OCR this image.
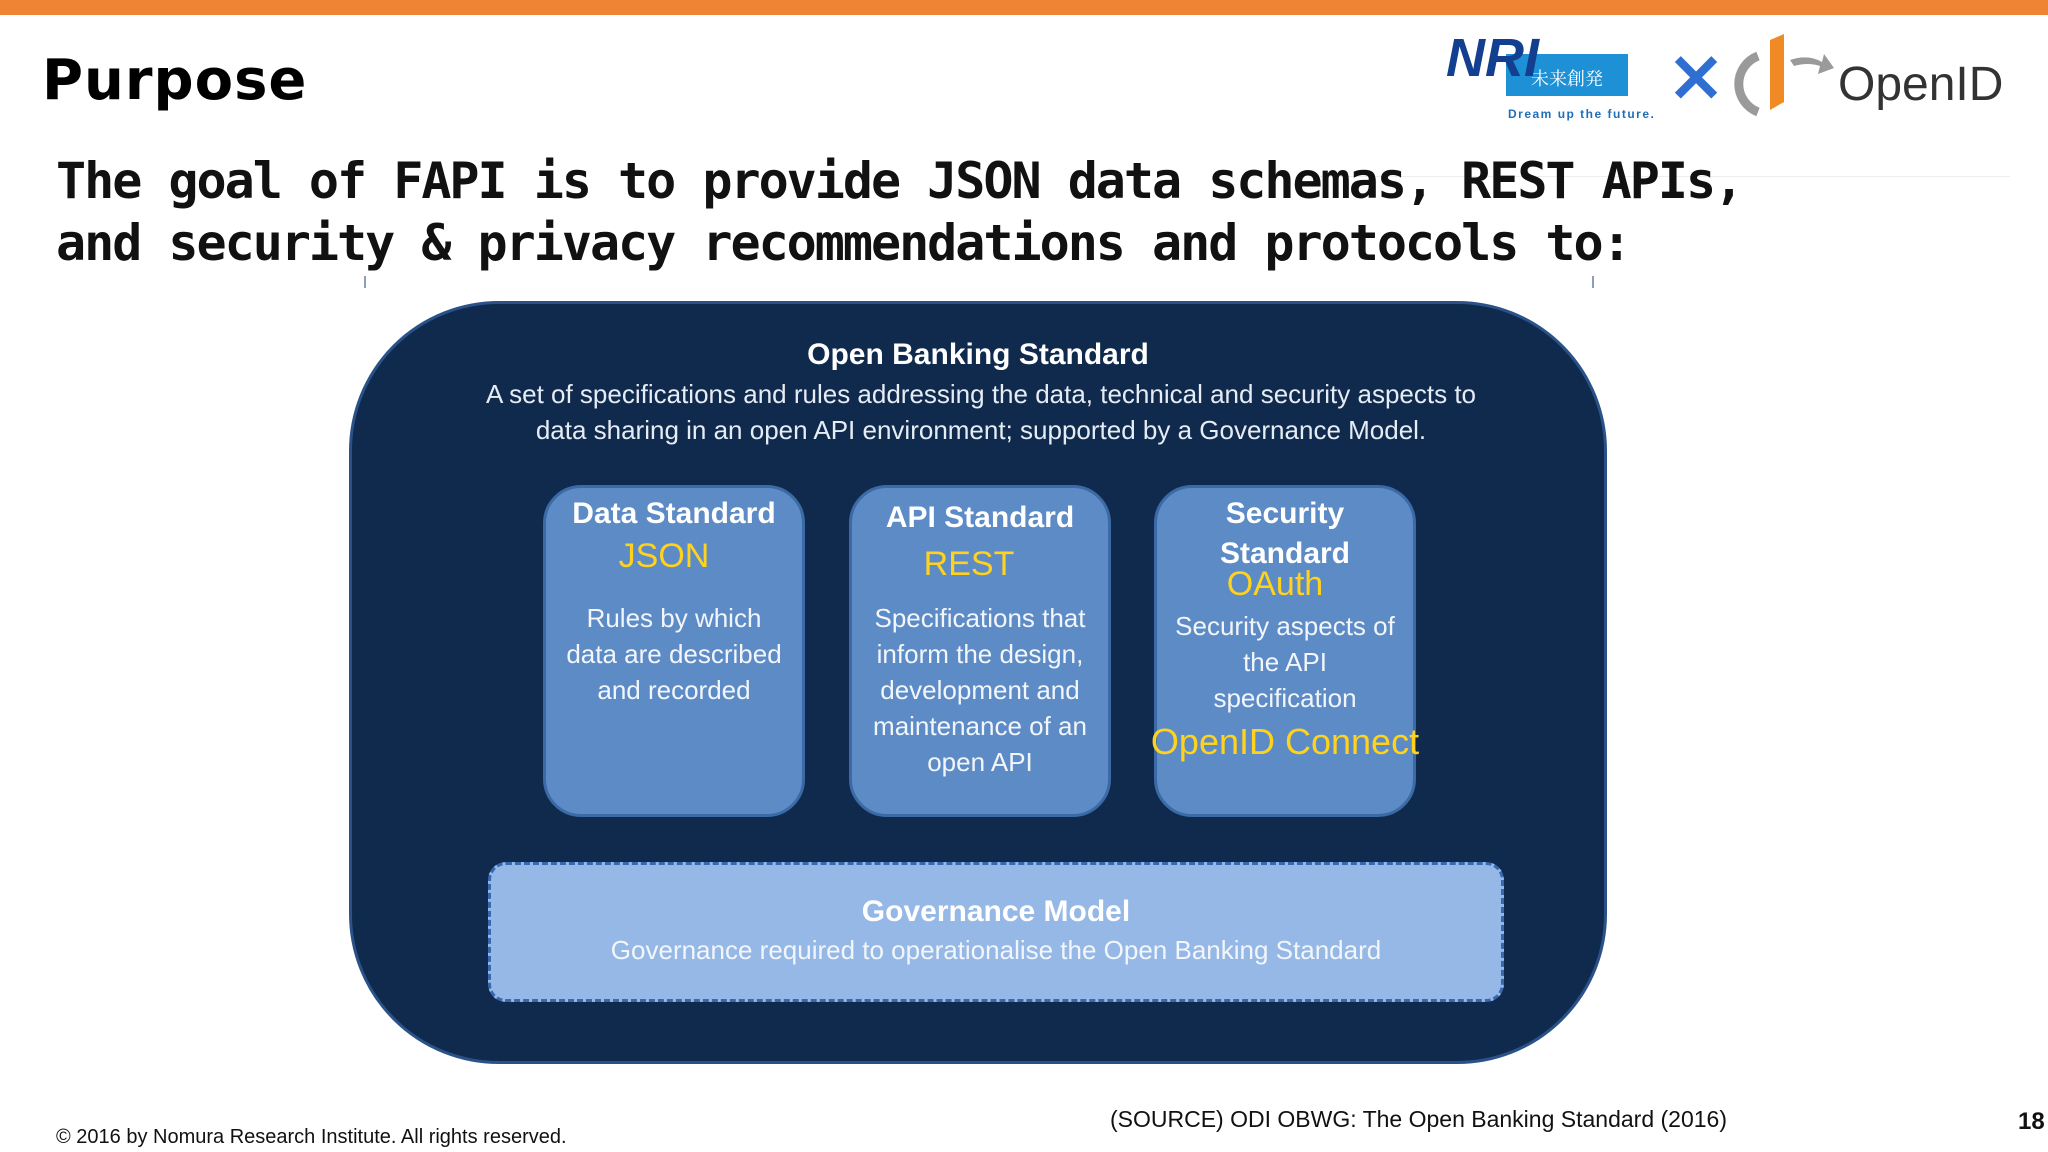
Purpose	NRI
未来創発
Dream up the future. × OpenID
The goal of FAPI is to provide JSON data schemas, REST APIs,
and security & privacy recommendations and protocols to:
Open Banking Standard
A set of specifications and rules addressing the data, technical and security aspects to
data sharing in an open API environment; supported by a Governance Model.
Data Standard
JSON
Rules by which
data are described
and recorded
API Standard
REST
Specifications that
inform the design,
development and
maintenance of an
open API
Security
Standard
OAuth
Security aspects of
the API
specification
OpenID Connect
Governance Model
Governance required to operationalise the Open Banking Standard
(SOURCE) ODI OBWG: The Open Banking Standard (2016)
© 2016 by Nomura Research Institute. All rights reserved.
18
